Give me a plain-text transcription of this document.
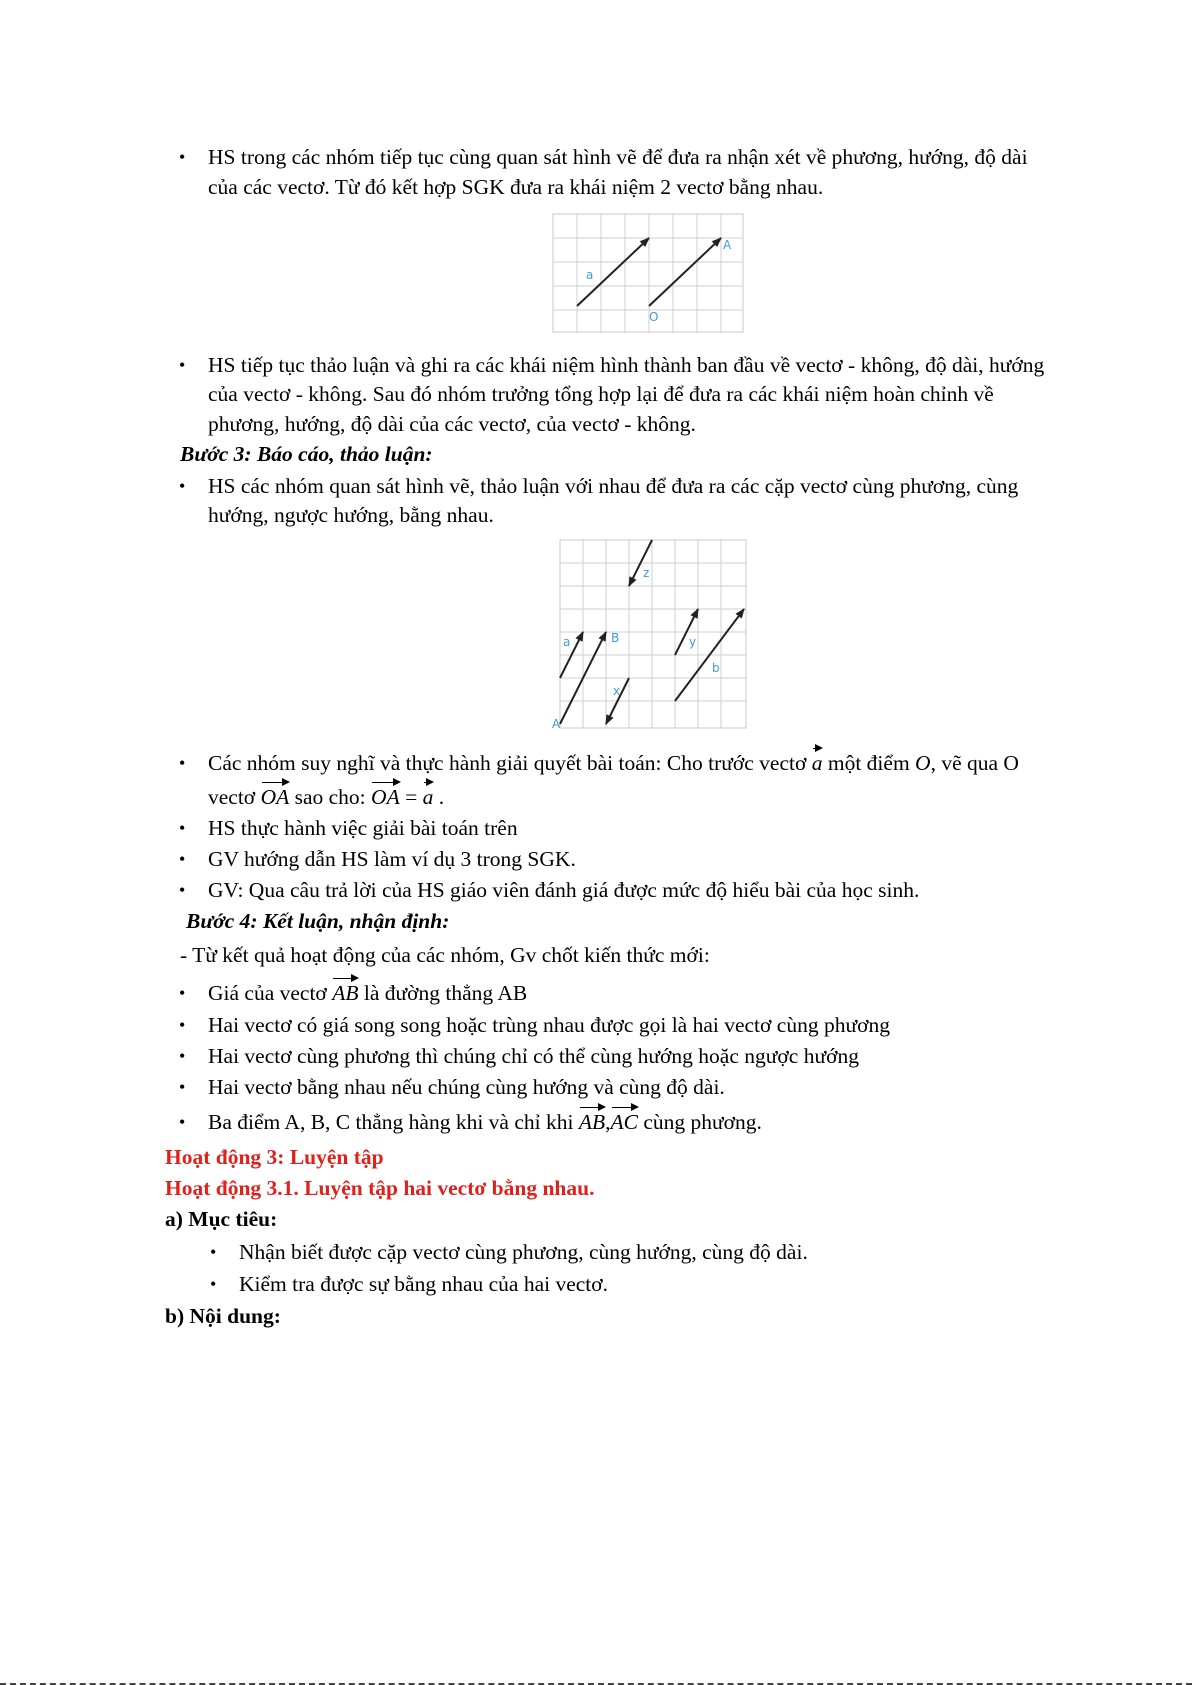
• HS trong các nhóm tiếp tục cùng quan sát hình vẽ để đưa ra nhận xét về phương, hướng, độ dài
của các vectơ. Từ đó kết hợp SGK đưa ra khái niệm 2 vectơ bằng nhau.
a
A
O
• HS tiếp tục thảo luận và ghi ra các khái niệm hình thành ban đầu về vectơ - không, độ dài, hướng
của vectơ - không. Sau đó nhóm trưởng tổng hợp lại để đưa ra các khái niệm hoàn chỉnh về
phương, hướng, độ dài của các vectơ, của vectơ - không.
Bước 3: Báo cáo, thảo luận:
• HS các nhóm quan sát hình vẽ, thảo luận với nhau để đưa ra các cặp vectơ cùng phương, cùng
hướng, ngược hướng, bằng nhau.
z
a	B	y
b
x
A
• Các nhóm suy nghĩ và thực hành giải quyết bài toán: Cho trước vectơ a một điểm O, vẽ qua O
vectơ OA sao cho: OA = a .
• HS thực hành việc giải bài toán trên
• GV hướng dẫn HS làm ví dụ 3 trong SGK.
• GV: Qua câu trả lời của HS giáo viên đánh giá được mức độ hiểu bài của học sinh.
Bước 4: Kết luận, nhận định:
- Từ kết quả hoạt động của các nhóm, Gv chốt kiến thức mới:
• Giá của vectơ AB là đường thẳng AB
• Hai vectơ có giá song song hoặc trùng nhau được gọi là hai vectơ cùng phương
• Hai vectơ cùng phương thì chúng chỉ có thể cùng hướng hoặc ngược hướng
• Hai vectơ bằng nhau nếu chúng cùng hướng và cùng độ dài.
• Ba điểm A, B, C thẳng hàng khi và chỉ khi AB,AC cùng phương.
Hoạt động 3: Luyện tập
Hoạt động 3.1. Luyện tập hai vectơ bằng nhau.
a) Mục tiêu:
• Nhận biết được cặp vectơ cùng phương, cùng hướng, cùng độ dài.
• Kiểm tra được sự bằng nhau của hai vectơ.
b) Nội dung:
